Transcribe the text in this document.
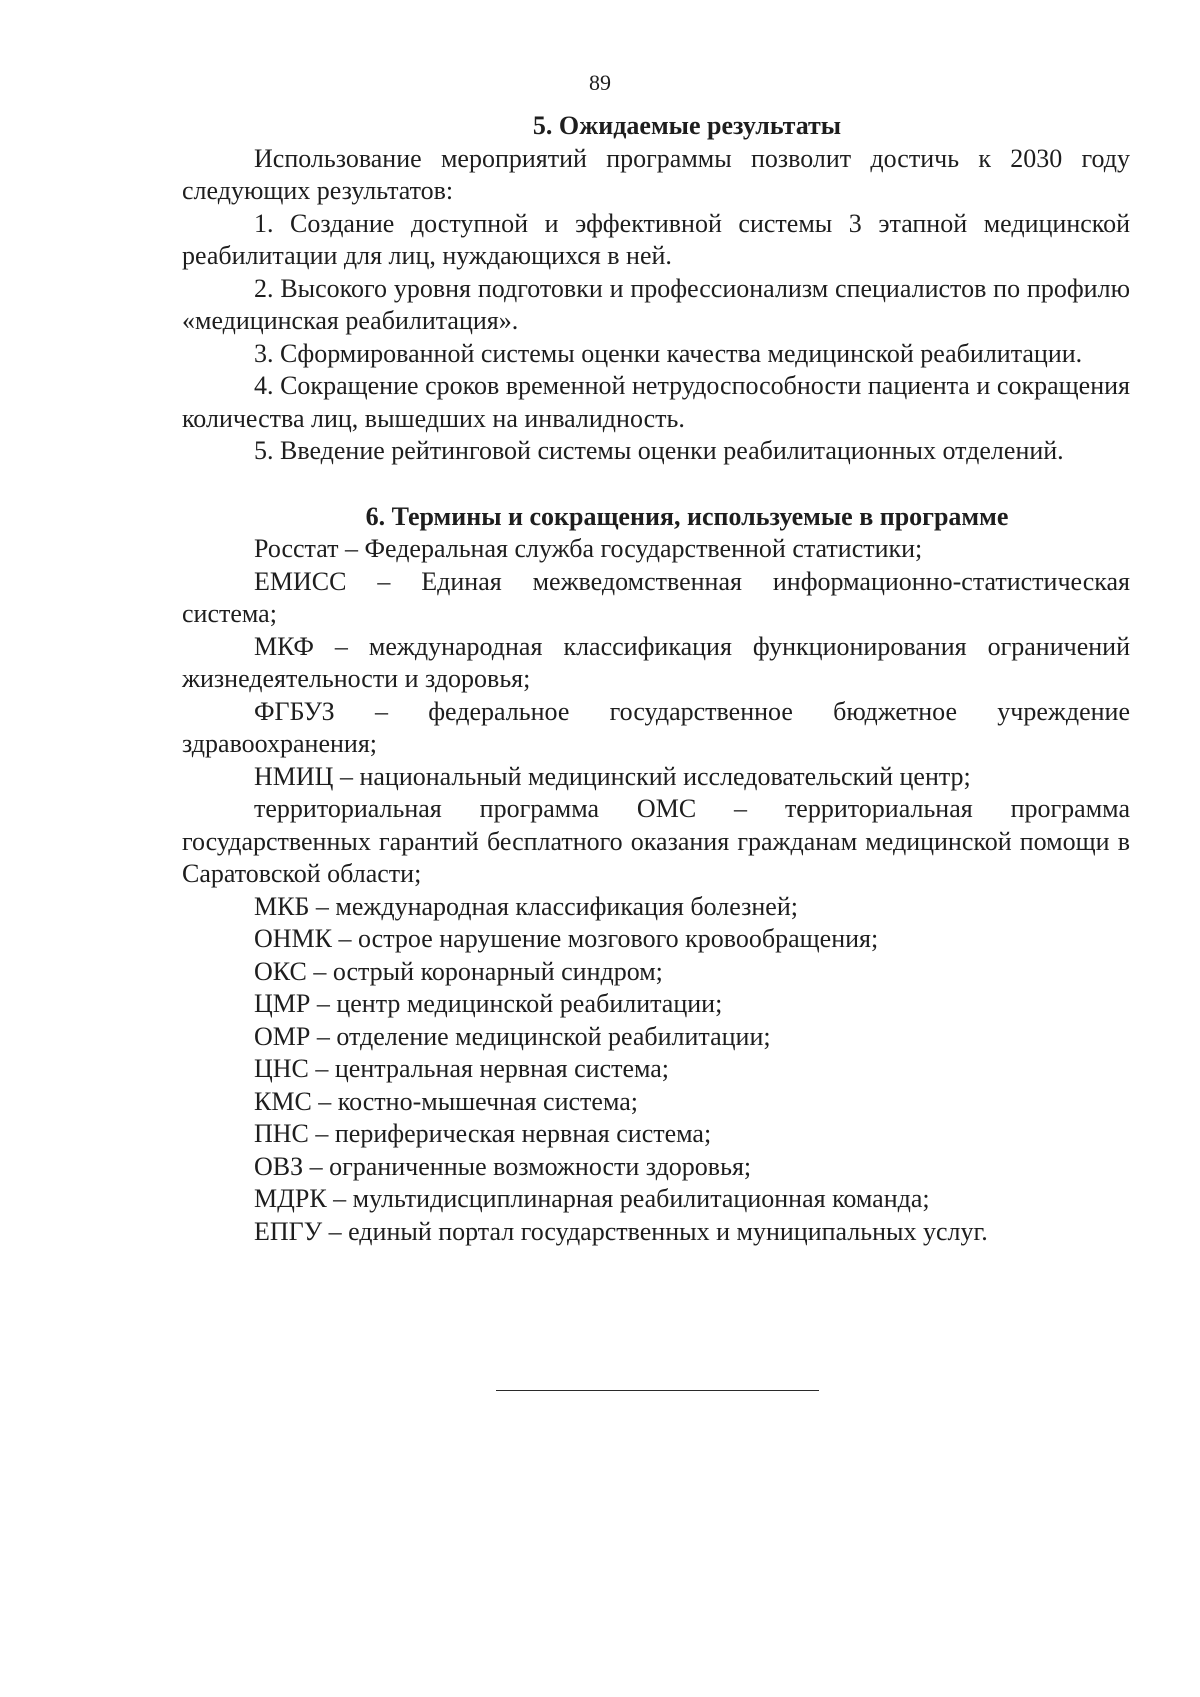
89
5. Ожидаемые результаты

Использование мероприятий программы позволит достичь к 2030 году следующих результатов:

1. Создание доступной и эффективной системы 3 этапной медицинской реабилитации для лиц, нуждающихся в ней.

2. Высокого уровня подготовки и профессионализм специалистов по профилю «медицинская реабилитация».

3. Сформированной системы оценки качества медицинской реабилитации.

4. Сокращение сроков временной нетрудоспособности пациента и сокращения количества лиц, вышедших на инвалидность.

5. Введение рейтинговой системы оценки реабилитационных отделений.

6. Термины и сокращения, используемые в программе

Росстат – Федеральная служба государственной статистики;

ЕМИСС – Единая межведомственная информационно-статистическая система;

МКФ – международная классификация функционирования ограничений жизнедеятельности и здоровья;

ФГБУЗ – федеральное государственное бюджетное учреждение здравоохранения;

НМИЦ – национальный медицинский исследовательский центр;

территориальная программа ОМС – территориальная программа государственных гарантий бесплатного оказания гражданам медицинской помощи в Саратовской области;

МКБ – международная классификация болезней;

ОНМК – острое нарушение мозгового кровообращения;

ОКС – острый коронарный синдром;

ЦМР – центр медицинской реабилитации;

ОМР – отделение медицинской реабилитации;

ЦНС – центральная нервная система;

КМС – костно-мышечная система;

ПНС – периферическая нервная система;

ОВЗ – ограниченные возможности здоровья;

МДРК – мультидисциплинарная реабилитационная команда;

ЕПГУ – единый портал государственных и муниципальных услуг.
